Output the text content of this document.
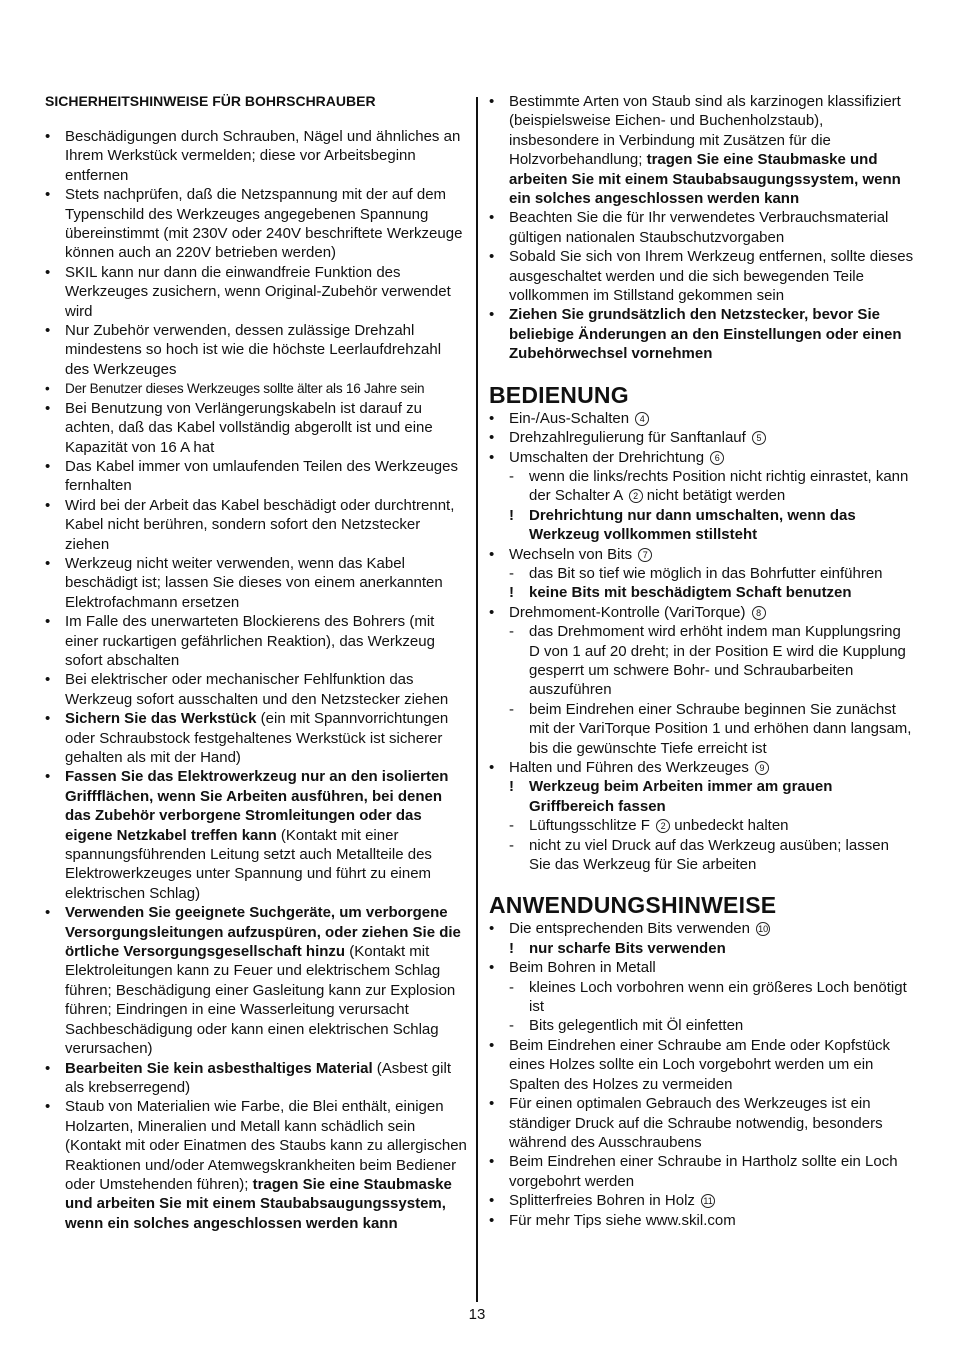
SICHERHEITSHINWEISE FÜR BOHRSCHRAUBER
• Beschädigungen durch Schrauben, Nägel und ähnliches an Ihrem Werkstück vermelden; diese vor Arbeitsbeginn entfernen
• Stets nachprüfen, daß die Netzspannung mit der auf dem Typenschild des Werkzeuges angegebenen Spannung übereinstimmt (mit 230V oder 240V beschriftete Werkzeuge können auch an 220V betrieben werden)
• SKIL kann nur dann die einwandfreie Funktion des Werkzeuges zusichern, wenn Original-Zubehör verwendet wird
• Nur Zubehör verwenden, dessen zulässige Drehzahl mindestens so hoch ist wie die höchste Leerlaufdrehzahl des Werkzeuges
• Der Benutzer dieses Werkzeuges sollte älter als 16 Jahre sein
• Bei Benutzung von Verlängerungskabeln ist darauf zu achten, daß das Kabel vollständig abgerollt ist und eine Kapazität von 16 A hat
• Das Kabel immer von umlaufenden Teilen des Werkzeuges fernhalten
• Wird bei der Arbeit das Kabel beschädigt oder durchtrennt, Kabel nicht berühren, sondern sofort den Netzstecker ziehen
• Werkzeug nicht weiter verwenden, wenn das Kabel beschädigt ist; lassen Sie dieses von einem anerkannten Elektrofachmann ersetzen
• Im Falle des unerwarteten Blockierens des Bohrers (mit einer ruckartigen gefährlichen Reaktion), das Werkzeug sofort abschalten
• Bei elektrischer oder mechanischer Fehlfunktion das Werkzeug sofort ausschalten und den Netzstecker ziehen
• Sichern Sie das Werkstück (ein mit Spannvorrichtungen oder Schraubstock festgehaltenes Werkstück ist sicherer gehalten als mit der Hand)
• Fassen Sie das Elektrowerkzeug nur an den isolierten Griffflächen, wenn Sie Arbeiten ausführen, bei denen das Zubehör verborgene Stromleitungen oder das eigene Netzkabel treffen kann (Kontakt mit einer spannungsführenden Leitung setzt auch Metallteile des Elektrowerkzeuges unter Spannung und führt zu einem elektrischen Schlag)
• Verwenden Sie geeignete Suchgeräte, um verborgene Versorgungsleitungen aufzuspüren, oder ziehen Sie die örtliche Versorgungsgesellschaft hinzu (Kontakt mit Elektroleitungen kann zu Feuer und elektrischem Schlag führen; Beschädigung einer Gasleitung kann zur Explosion führen; Eindringen in eine Wasserleitung verursacht Sachbeschädigung oder kann einen elektrischen Schlag verursachen)
• Bearbeiten Sie kein asbesthaltiges Material (Asbest gilt als krebserregend)
• Staub von Materialien wie Farbe, die Blei enthält, einigen Holzarten, Mineralien und Metall kann schädlich sein (Kontakt mit oder Einatmen des Staubs kann zu allergischen Reaktionen und/oder Atemwegskrankheiten beim Bediener oder Umstehenden führen); tragen Sie eine Staubmaske und arbeiten Sie mit einem Staubabsaugungssystem, wenn ein solches angeschlossen werden kann
• Bestimmte Arten von Staub sind als karzinogen klassifiziert (beispielsweise Eichen- und Buchenholzstaub), insbesondere in Verbindung mit Zusätzen für die Holzvorbehandlung; tragen Sie eine Staubmaske und arbeiten Sie mit einem Staubabsaugungssystem, wenn ein solches angeschlossen werden kann
• Beachten Sie die für Ihr verwendetes Verbrauchsmaterial gültigen nationalen Staubschutzvorgaben
• Sobald Sie sich von Ihrem Werkzeug entfernen, sollte dieses ausgeschaltet werden und die sich bewegenden Teile vollkommen im Stillstand gekommen sein
• Ziehen Sie grundsätzlich den Netzstecker, bevor Sie beliebige Änderungen an den Einstellungen oder einen Zubehörwechsel vornehmen
BEDIENUNG
• Ein-/Aus-Schalten 4
• Drehzahlregulierung für Sanftanlauf 5
• Umschalten der Drehrichtung 6
- wenn die links/rechts Position nicht richtig einrastet, kann der Schalter A 2 nicht betätigt werden
! Drehrichtung nur dann umschalten, wenn das Werkzeug vollkommen stillsteht
• Wechseln von Bits 7
- das Bit so tief wie möglich in das Bohrfutter einführen
! keine Bits mit beschädigtem Schaft benutzen
• Drehmoment-Kontrolle (VariTorque) 8
- das Drehmoment wird erhöht indem man Kupplungsring D von 1 auf 20 dreht; in der Position E wird die Kupplung gesperrt um schwere Bohr- und Schraubarbeiten auszuführen
- beim Eindrehen einer Schraube beginnen Sie zunächst mit der VariTorque Position 1 und erhöhen dann langsam, bis die gewünschte Tiefe erreicht ist
• Halten und Führen des Werkzeuges 9
! Werkzeug beim Arbeiten immer am grauen Griffbereich fassen
- Lüftungsschlitze F 2 unbedeckt halten
- nicht zu viel Druck auf das Werkzeug ausüben; lassen Sie das Werkzeug für Sie arbeiten
ANWENDUNGSHINWEISE
• Die entsprechenden Bits verwenden 10
! nur scharfe Bits verwenden
• Beim Bohren in Metall
- kleines Loch vorbohren wenn ein größeres Loch benötigt ist
- Bits gelegentlich mit Öl einfetten
• Beim Eindrehen einer Schraube am Ende oder Kopfstück eines Holzes sollte ein Loch vorgebohrt werden um ein Spalten des Holzes zu vermeiden
• Für einen optimalen Gebrauch des Werkzeuges ist ein ständiger Druck auf die Schraube notwendig, besonders während des Ausschraubens
• Beim Eindrehen einer Schraube in Hartholz sollte ein Loch vorgebohrt werden
• Splitterfreies Bohren in Holz 11
• Für mehr Tips siehe www.skil.com
13
